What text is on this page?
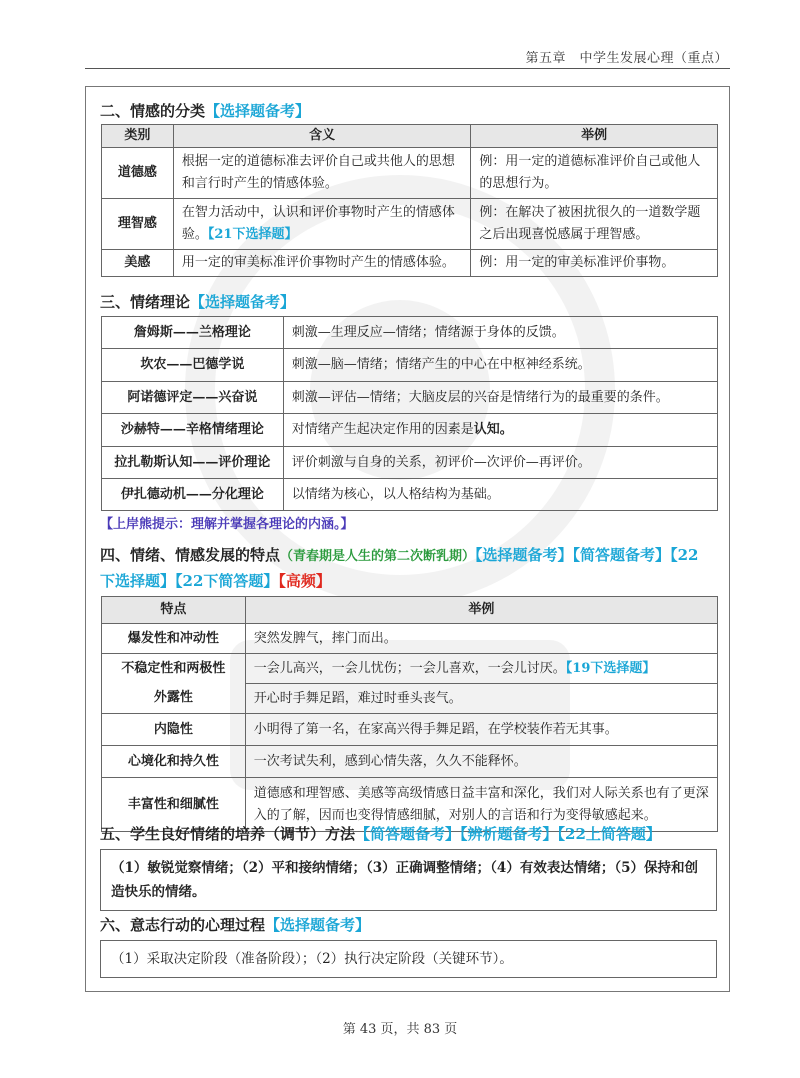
第五章　中学生发展心理（重点）
二、情感的分类【选择题备考】
类别	含义	举例
道德感	根据一定的道德标准去评价自己或共他人的思想和言行时产生的情感体验。	例：用一定的道德标准评价自己或他人的思想行为。
理智感	在智力活动中，认识和评价事物时产生的情感体验。【21下选择题】	例：在解决了被困扰很久的一道数学题之后出现喜悦感属于理智感。
美感	用一定的审美标准评价事物时产生的情感体验。	例：用一定的审美标准评价事物。
三、情绪理论【选择题备考】
詹姆斯——兰格理论	刺激—生理反应—情绪；情绪源于身体的反馈。
坎农——巴德学说	刺激—脑—情绪；情绪产生的中心在中枢神经系统。
阿诺德评定——兴奋说	刺激—评估—情绪；大脑皮层的兴奋是情绪行为的最重要的条件。
沙赫特——辛格情绪理论	对情绪产生起决定作用的因素是认知。
拉扎勒斯认知——评价理论	评价刺激与自身的关系，初评价—次评价—再评价。
伊扎德动机——分化理论	以情绪为核心，以人格结构为基础。
【上岸熊提示：理解并掌握各理论的内涵。】
四、情绪、情感发展的特点（青春期是人生的第二次断乳期）【选择题备考】【简答题备考】【22
下选择题】【22下简答题】【高频】
特点	举例
爆发性和冲动性	突然发脾气，摔门而出。
不稳定性和两极性	一会儿高兴，一会儿忧伤；一会儿喜欢，一会儿讨厌。【19下选择题】
外露性	开心时手舞足蹈，难过时垂头丧气。
内隐性	小明得了第一名，在家高兴得手舞足蹈，在学校装作若无其事。
心境化和持久性	一次考试失利，感到心情失落，久久不能释怀。
丰富性和细腻性	道德感和理智感、美感等高级情感日益丰富和深化，我们对人际关系也有了更深入的了解，因而也变得情感细腻，对别人的言语和行为变得敏感起来。
五、学生良好情绪的培养（调节）方法【简答题备考】【辨析题备考】【22上简答题】
（1）敏锐觉察情绪；（2）平和接纳情绪；（3）正确调整情绪；（4）有效表达情绪；（5）保持和创造快乐的情绪。
六、意志行动的心理过程【选择题备考】
（1）采取决定阶段（准备阶段）；（2）执行决定阶段（关键环节）。
第 43 页，共 83 页
